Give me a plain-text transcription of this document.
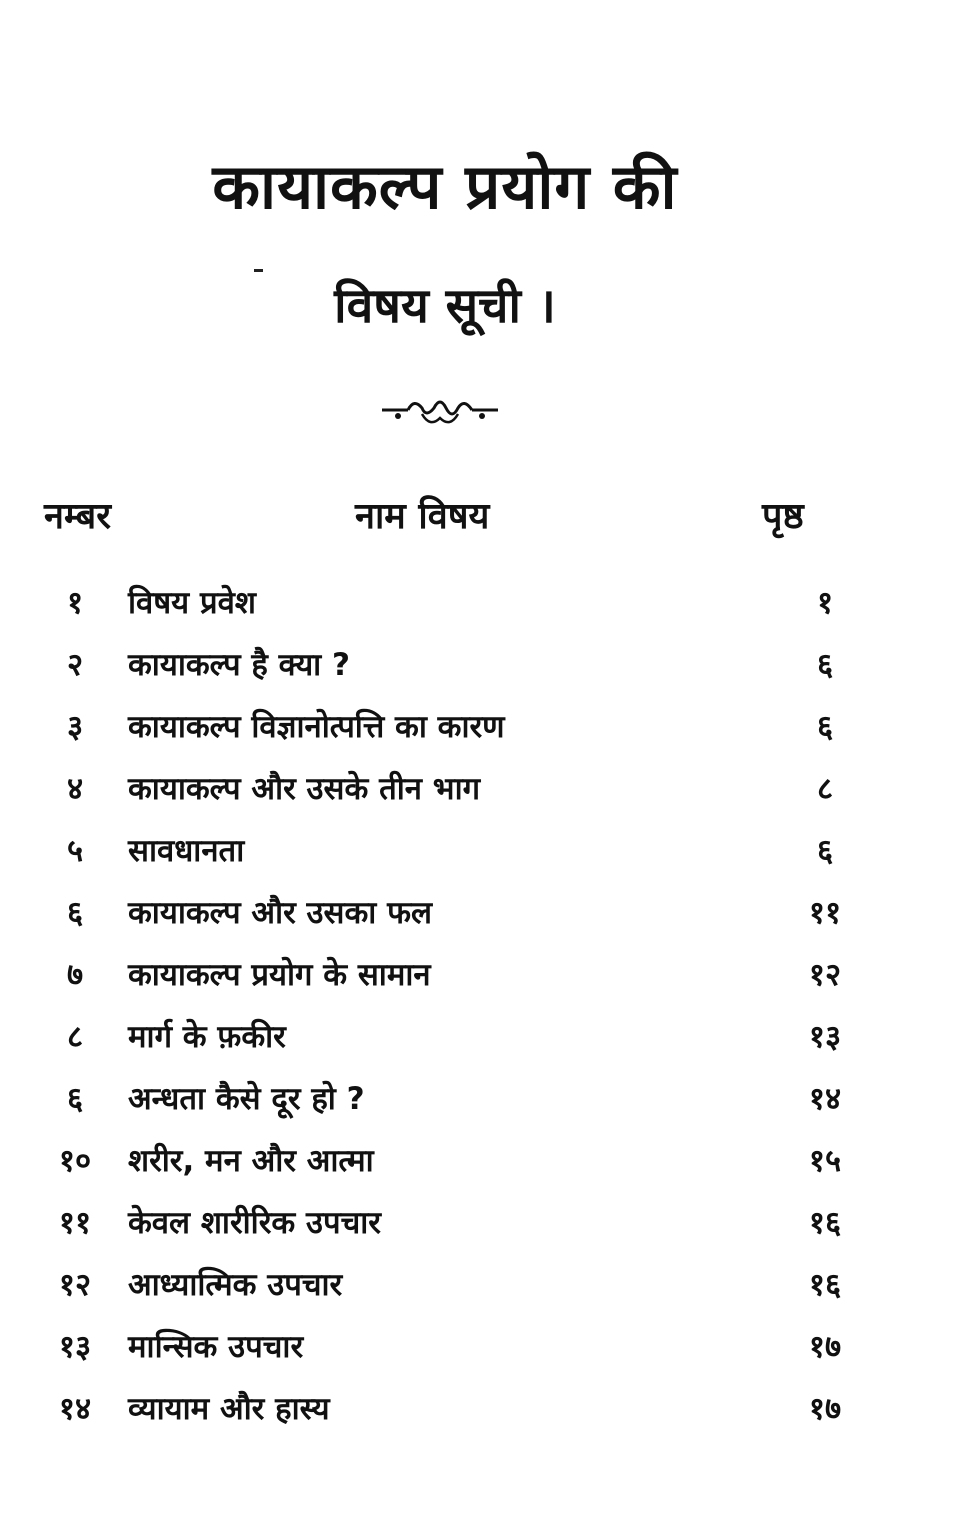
कायाकल्प प्रयोग की
विषय सूची ।
नम्बर	नाम विषय	पृष्ठ
१	विषय प्रवेश	१
२	कायाकल्प है क्या ?	६
३	कायाकल्प विज्ञानोत्पत्ति का कारण	६
४	कायाकल्प और उसके तीन भाग	८
५	सावधानता	६
६	कायाकल्प और उसका फल	११
७	कायाकल्प प्रयोग के सामान	१२
८	मार्ग के फ़कीर	१३
६	अन्धता कैसे दूर हो ?	१४
१०	शरीर, मन और आत्मा	१५
११	केवल शारीरिक उपचार	१६
१२	आध्यात्मिक उपचार	१६
१३	मान्सिक उपचार	१७
१४	व्यायाम और हास्य	१७
